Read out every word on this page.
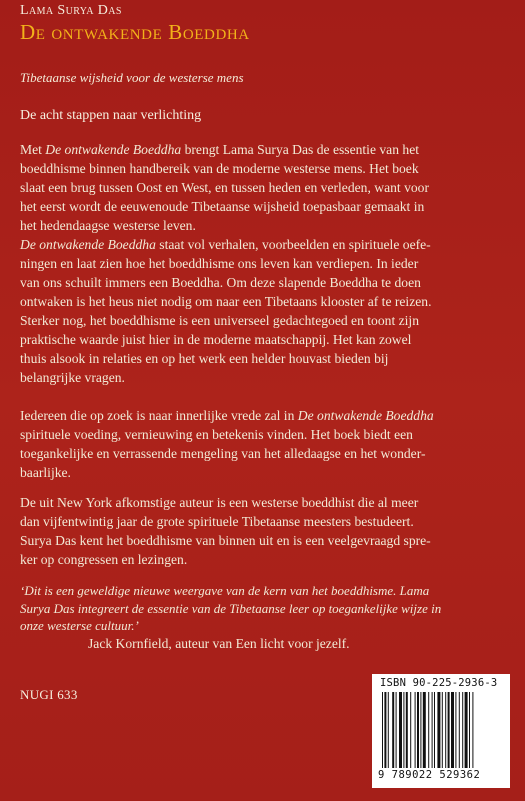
Lama Surya Das
De ontwakende Boeddha
Tibetaanse wijsheid voor de westerse mens
De acht stappen naar verlichting

Met De ontwakende Boeddha brengt Lama Surya Das de essentie van het
boeddhisme binnen handbereik van de moderne westerse mens. Het boek
slaat een brug tussen Oost en West, en tussen heden en verleden, want voor
het eerst wordt de eeuwenoude Tibetaanse wijsheid toepasbaar gemaakt in
het hedendaagse westerse leven.

De ontwakende Boeddha staat vol verhalen, voorbeelden en spirituele oefe-
ningen en laat zien hoe het boeddhisme ons leven kan verdiepen. In ieder
van ons schuilt immers een Boeddha. Om deze slapende Boeddha te doen
ontwaken is het heus niet nodig om naar een Tibetaans klooster af te reizen.
Sterker nog, het boeddhisme is een universeel gedachtegoed en toont zijn
praktische waarde juist hier in de moderne maatschappij. Het kan zowel
thuis alsook in relaties en op het werk een helder houvast bieden bij
belangrijke vragen.

Iedereen die op zoek is naar innerlijke vrede zal in De ontwakende Boeddha
spirituele voeding, vernieuwing en betekenis vinden. Het boek biedt een
toegankelijke en verrassende mengeling van het alledaagse en het wonder-
baarlijke.

De uit New York afkomstige auteur is een westerse boeddhist die al meer
dan vijfentwintig jaar de grote spirituele Tibetaanse meesters bestudeert.
Surya Das kent het boeddhisme van binnen uit en is een veelgevraagd spre-
ker op congressen en lezingen.

‘Dit is een geweldige nieuwe weergave van de kern van het boeddhisme. Lama
Surya Das integreert de essentie van de Tibetaanse leer op toegankelijke wijze in
onze westerse cultuur.’

Jack Kornfield, auteur van Een licht voor jezelf.
NUGI 633
ISBN 90-225-2936-3
9 789022 529362
